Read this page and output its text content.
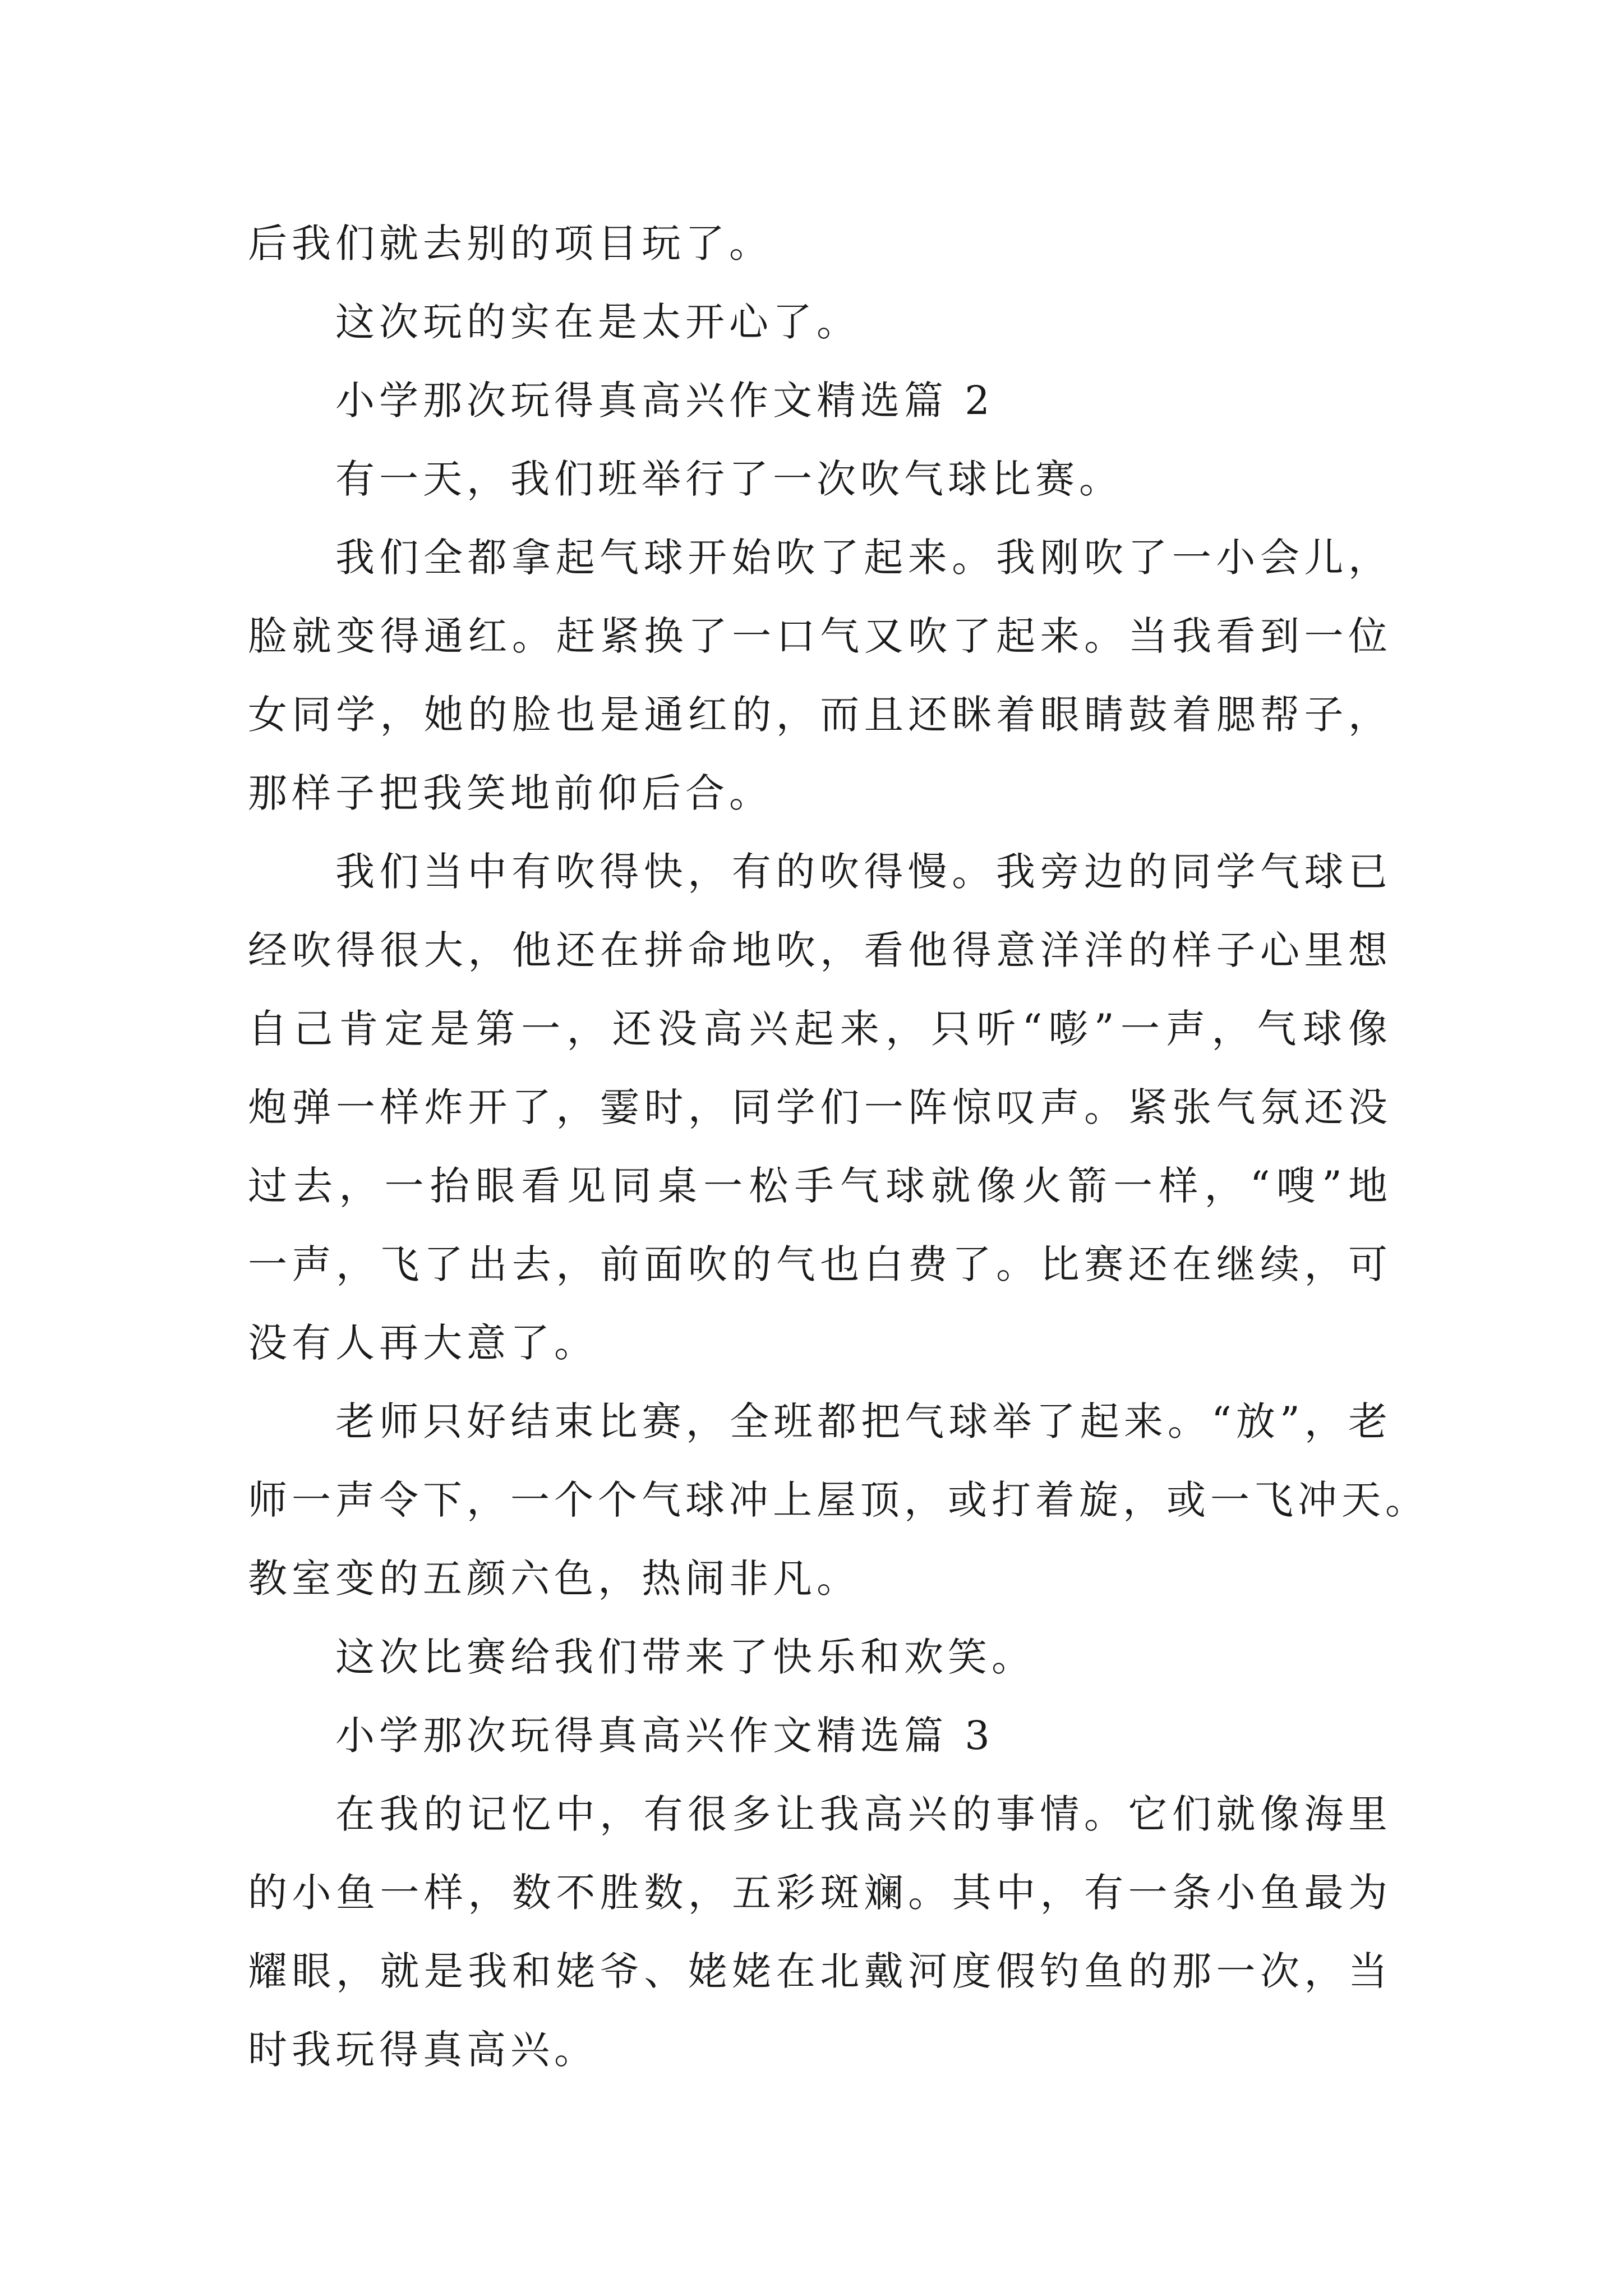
后我们就去别的项目玩了。
这次玩的实在是太开心了。
小学那次玩得真高兴作文精选篇 2
有一天，我们班举行了一次吹气球比赛。
我们全都拿起气球开始吹了起来。我刚吹了一小会儿，
脸就变得通红。赶紧换了一口气又吹了起来。当我看到一位
女同学，她的脸也是通红的，而且还眯着眼睛鼓着腮帮子，
那样子把我笑地前仰后合。
我们当中有吹得快，有的吹得慢。我旁边的同学气球已
经吹得很大，他还在拼命地吹，看他得意洋洋的样子心里想
自己肯定是第一，还没高兴起来，只听“嘭”一声，气球像
炮弹一样炸开了，霎时，同学们一阵惊叹声。紧张气氛还没
过去，一抬眼看见同桌一松手气球就像火箭一样，“嗖”地
一声，飞了出去，前面吹的气也白费了。比赛还在继续，可
没有人再大意了。
老师只好结束比赛，全班都把气球举了起来。“放”，老
师一声令下，一个个气球冲上屋顶，或打着旋，或一飞冲天。
教室变的五颜六色，热闹非凡。
这次比赛给我们带来了快乐和欢笑。
小学那次玩得真高兴作文精选篇 3
在我的记忆中，有很多让我高兴的事情。它们就像海里
的小鱼一样，数不胜数，五彩斑斓。其中，有一条小鱼最为
耀眼，就是我和姥爷、姥姥在北戴河度假钓鱼的那一次，当
时我玩得真高兴。
